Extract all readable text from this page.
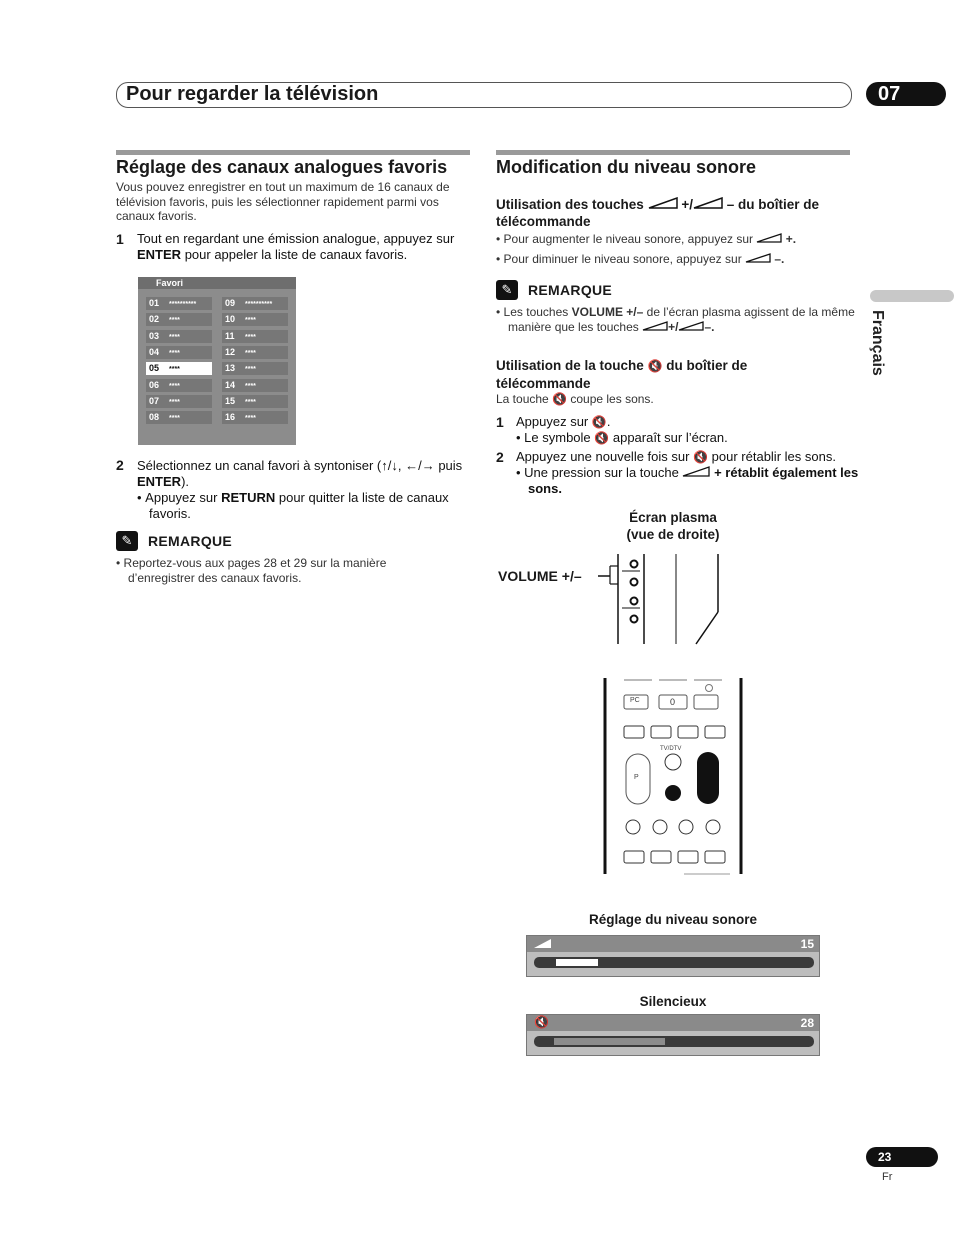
Pour regarder la télévision	07
Français
Réglage des canaux analogues favoris
Vous pouvez enregistrer en tout un maximum de 16 canaux de télévision favoris, puis les sélectionner rapidement parmi vos canaux favoris.
1 Tout en regardant une émission analogue, appuyez sur ENTER pour appeler la liste de canaux favoris.
Favori
01 **********
02 ****
03 ****
04 ****
05 ****
06 ****
07 ****
08 ****
09 **********
10 ****
11 ****
12 ****
13 ****
14 ****
15 ****
16 ****
2 Sélectionnez un canal favori à syntoniser (↑/↓, ←/→ puis ENTER).
• Appuyez sur RETURN pour quitter la liste de canaux favoris.
✎	REMARQUE
• Reportez-vous aux pages 28 et 29 sur la manière d’enregistrer des canaux favoris.
Modification du niveau sonore
Utilisation des touches	+/	– du boîtier de
télécommande
• Pour augmenter le niveau sonore, appuyez sur	+.
• Pour diminuer le niveau sonore, appuyez sur	–.
✎	REMARQUE
• Les touches VOLUME +/– de l’écran plasma agissent de la même manière que les touches +/ –.
Utilisation de la touche 🔇 du boîtier de
télécommande
La touche 🔇 coupe les sons.
1 Appuyez sur 🔇.
• Le symbole 🔇 apparaît sur l’écran.
2 Appuyez une nouvelle fois sur 🔇 pour rétablir les sons.
• Une pression sur la touche	+ rétablit également les sons.
Écran plasma
(vue de droite)
VOLUME +/–
PC	0
TV/DTV
P
Réglage du niveau sonore
15
Silencieux
🔇	28
23
Fr
